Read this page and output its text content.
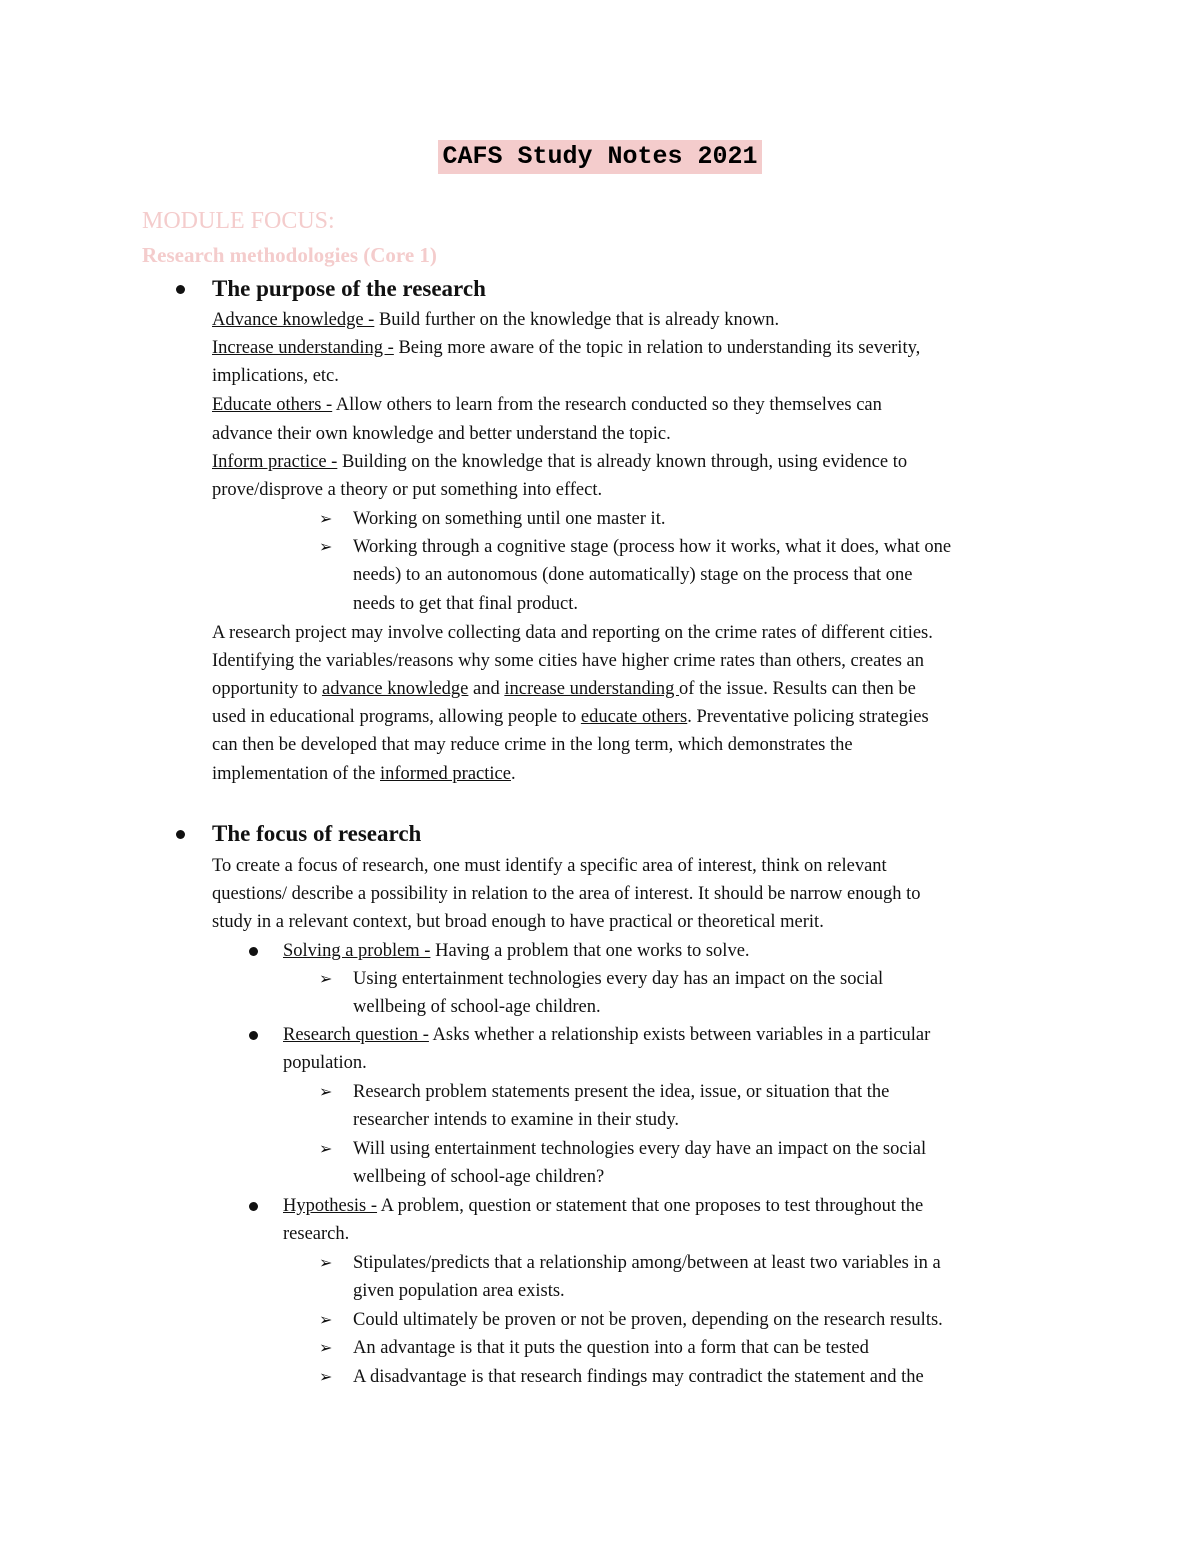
CAFS Study Notes 2021
MODULE FOCUS:
Research methodologies (Core 1)
The purpose of the research
Advance knowledge - Build further on the knowledge that is already known.
Increase understanding - Being more aware of the topic in relation to understanding its severity,
implications, etc.
Educate others - Allow others to learn from the research conducted so they themselves can
advance their own knowledge and better understand the topic.
Inform practice - Building on the knowledge that is already known through, using evidence to
prove/disprove a theory or put something into effect.
➢ Working on something until one master it.
➢ Working through a cognitive stage (process how it works, what it does, what one
needs) to an autonomous (done automatically) stage on the process that one
needs to get that final product.
A research project may involve collecting data and reporting on the crime rates of different cities.
Identifying the variables/reasons why some cities have higher crime rates than others, creates an
opportunity to advance knowledge and increase understanding of the issue. Results can then be
used in educational programs, allowing people to educate others. Preventative policing strategies
can then be developed that may reduce crime in the long term, which demonstrates the
implementation of the informed practice.
The focus of research
To create a focus of research, one must identify a specific area of interest, think on relevant
questions/ describe a possibility in relation to the area of interest. It should be narrow enough to
study in a relevant context, but broad enough to have practical or theoretical merit.
Solving a problem - Having a problem that one works to solve.
➢ Using entertainment technologies every day has an impact on the social
wellbeing of school-age children.
Research question - Asks whether a relationship exists between variables in a particular
population.
➢ Research problem statements present the idea, issue, or situation that the
researcher intends to examine in their study.
➢ Will using entertainment technologies every day have an impact on the social
wellbeing of school-age children?
Hypothesis - A problem, question or statement that one proposes to test throughout the
research.
➢ Stipulates/predicts that a relationship among/between at least two variables in a
given population area exists.
➢ Could ultimately be proven or not be proven, depending on the research results.
➢ An advantage is that it puts the question into a form that can be tested
➢ A disadvantage is that research findings may contradict the statement and the
